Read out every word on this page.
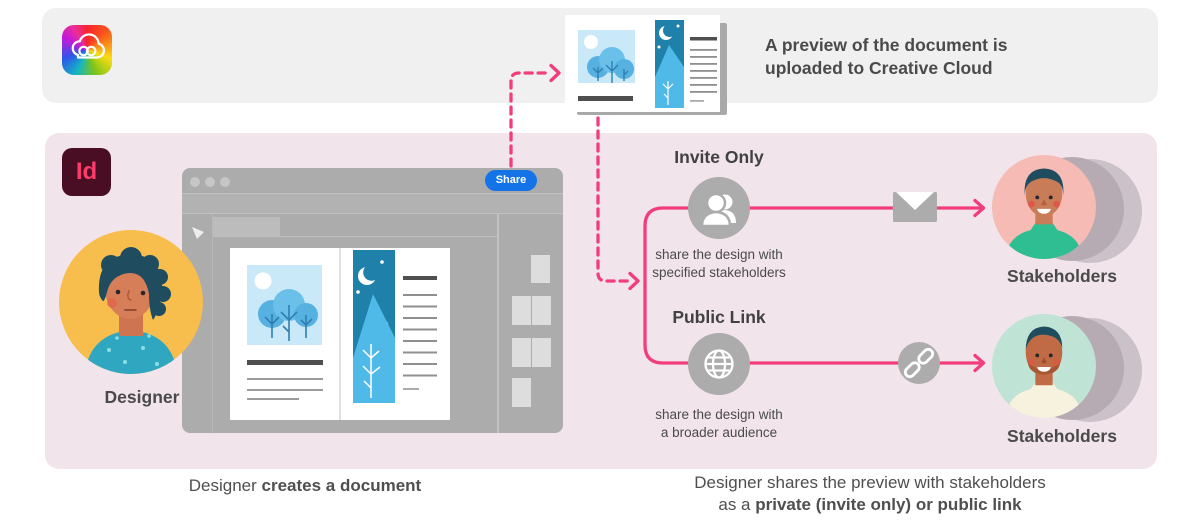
A preview of the document is
uploaded to Creative Cloud
Id	Share
Designer
Invite Only
share the design with
specified stakeholders
Public Link
share the design with
a broader audience
Stakeholders
Stakeholders
Designer creates a document	Designer shares the preview with stakeholders
as a private (invite only) or public link
